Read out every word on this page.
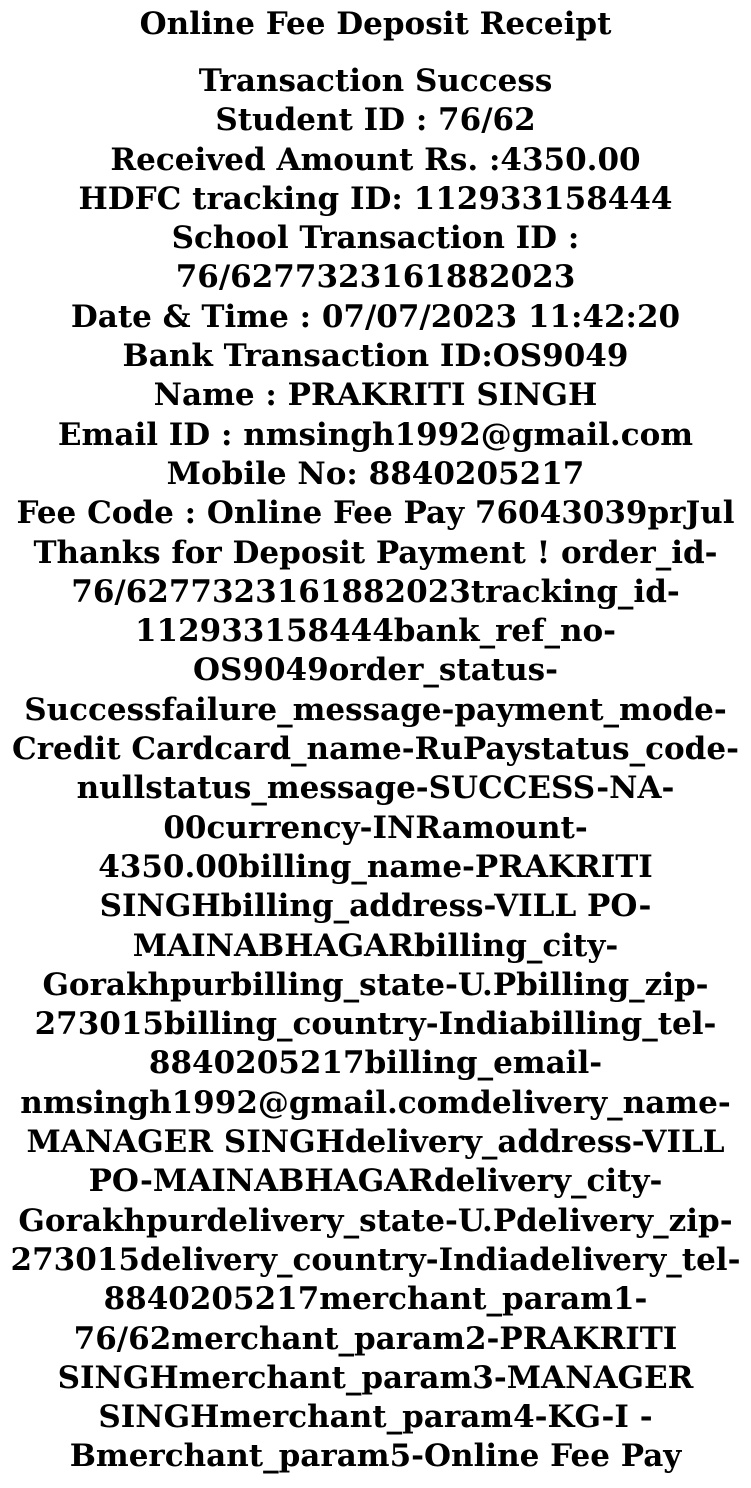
Online Fee Deposit Receipt

Transaction Success

Student ID : 76/62

Received Amount Rs. :4350.00

HDFC tracking ID: 112933158444

School Transaction ID :

76/6277323161882023

Date & Time : 07/07/2023 11:42:20

Bank Transaction ID:OS9049

Name : PRAKRITI SINGH

Email ID : nmsingh1992@gmail.com

Mobile No: 8840205217

Fee Code : Online Fee Pay 76043039prJul

Thanks for Deposit Payment ! order_id-

76/6277323161882023tracking_id-

112933158444bank_ref_no-

OS9049order_status-

Successfailure_message-payment_mode-

Credit Cardcard_name-RuPaystatus_code-

nullstatus_message-SUCCESS-NA-

00currency-INRamount-

4350.00billing_name-PRAKRITI

SINGHbilling_address-VILL PO-

MAINABHAGARbilling_city-

Gorakhpurbilling_state-U.Pbilling_zip-

273015billing_country-Indiabilling_tel-

8840205217billing_email-

nmsingh1992@gmail.comdelivery_name-

MANAGER SINGHdelivery_address-VILL

PO-MAINABHAGARdelivery_city-

Gorakhpurdelivery_state-U.Pdelivery_zip-

273015delivery_country-Indiadelivery_tel-

8840205217merchant_param1-

76/62merchant_param2-PRAKRITI

SINGHmerchant_param3-MANAGER

SINGHmerchant_param4-KG-I -

Bmerchant_param5-Online Fee Pay
